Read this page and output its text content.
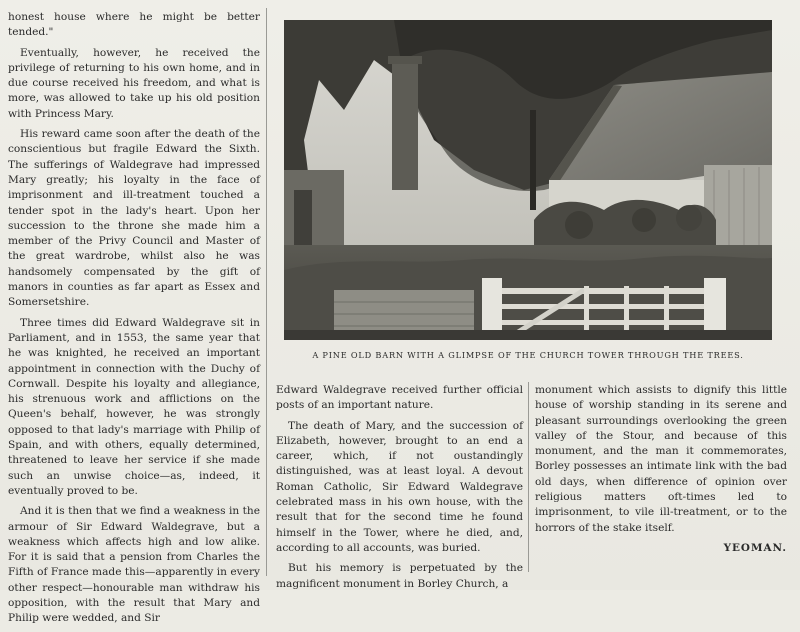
honest house where he might be better tended."

Eventually, however, he received the privilege of returning to his own home, and in due course received his freedom, and what is more, was allowed to take up his old position with Princess Mary.

His reward came soon after the death of the conscientious but fragile Edward the Sixth. The sufferings of Waldegrave had impressed Mary greatly; his loyalty in the face of imprisonment and ill-treatment touched a tender spot in the lady's heart. Upon her succession to the throne she made him a member of the Privy Council and Master of the great wardrobe, whilst also he was handsomely compensated by the gift of manors in counties as far apart as Essex and Somersetshire.

Three times did Edward Waldegrave sit in Parliament, and in 1553, the same year that he was knighted, he received an important appointment in connection with the Duchy of Cornwall. Despite his loyalty and allegiance, his strenuous work and afflictions on the Queen's behalf, however, he was strongly opposed to that lady's marriage with Philip of Spain, and with others, equally determined, threatened to leave her service if she made such an unwise choice—as, indeed, it eventually proved to be.

And it is then that we find a weakness in the armour of Sir Edward Waldegrave, but a weakness which affects high and low alike. For it is said that a pension from Charles the Fifth of France made this—apparently in every other respect—honourable man withdraw his opposition, with the result that Mary and Philip were wedded, and Sir

A PINE OLD BARN WITH A GLIMPSE OF THE CHURCH TOWER THROUGH THE TREES.

Edward Waldegrave received further official posts of an important nature.

The death of Mary, and the succession of Elizabeth, however, brought to an end a career, which, if not oustandingly distinguished, was at least loyal. A devout Roman Catholic, Sir Edward Waldegrave celebrated mass in his own house, with the result that for the second time he found himself in the Tower, where he died, and, according to all accounts, was buried.

But his memory is perpetuated by the magnificent monument in Borley Church, a

monument which assists to dignify this little house of worship standing in its serene and pleasant surroundings overlooking the green valley of the Stour, and because of this monument, and the man it commemorates, Borley possesses an intimate link with the bad old days, when difference of opinion over religious matters oft-times led to imprisonment, to vile ill-treatment, or to the horrors of the stake itself.

YEOMAN.
